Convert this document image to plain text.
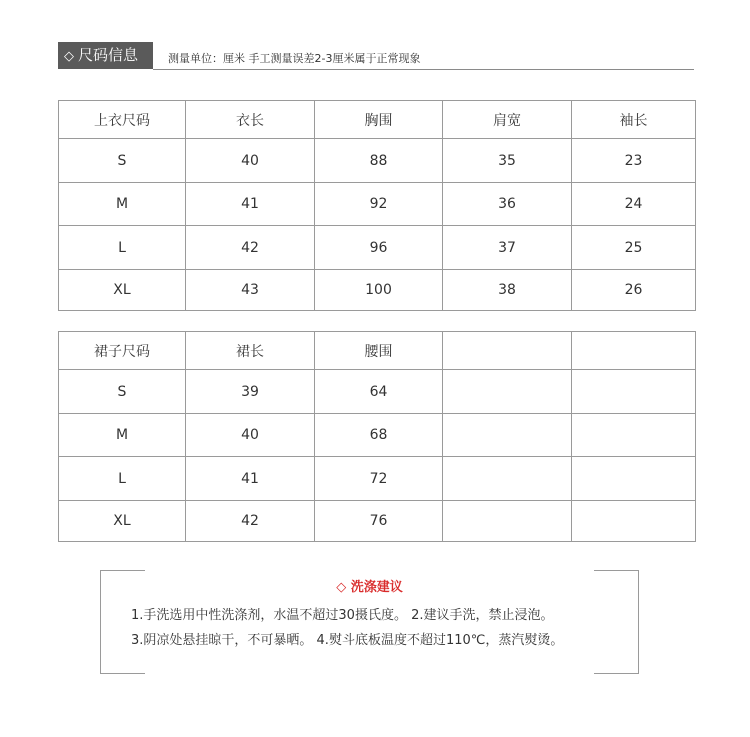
◇ 尺码信息	测量单位：厘米 手工测量误差2-3厘米属于正常现象
上衣尺码	衣长	胸围	肩宽	袖长
S	40	88	35	23
M	41	92	36	24
L	42	96	37	25
XL	43	100	38	26
裙子尺码	裙长	腰围		
S	39	64		
M	40	68		
L	41	72		
XL	42	76		
◇ 洗涤建议
1.手洗选用中性洗涤剂，水温不超过30摄氏度。 2.建议手洗，禁止浸泡。
3.阴凉处悬挂晾干，不可暴晒。 4.熨斗底板温度不超过110℃，蒸汽熨烫。
